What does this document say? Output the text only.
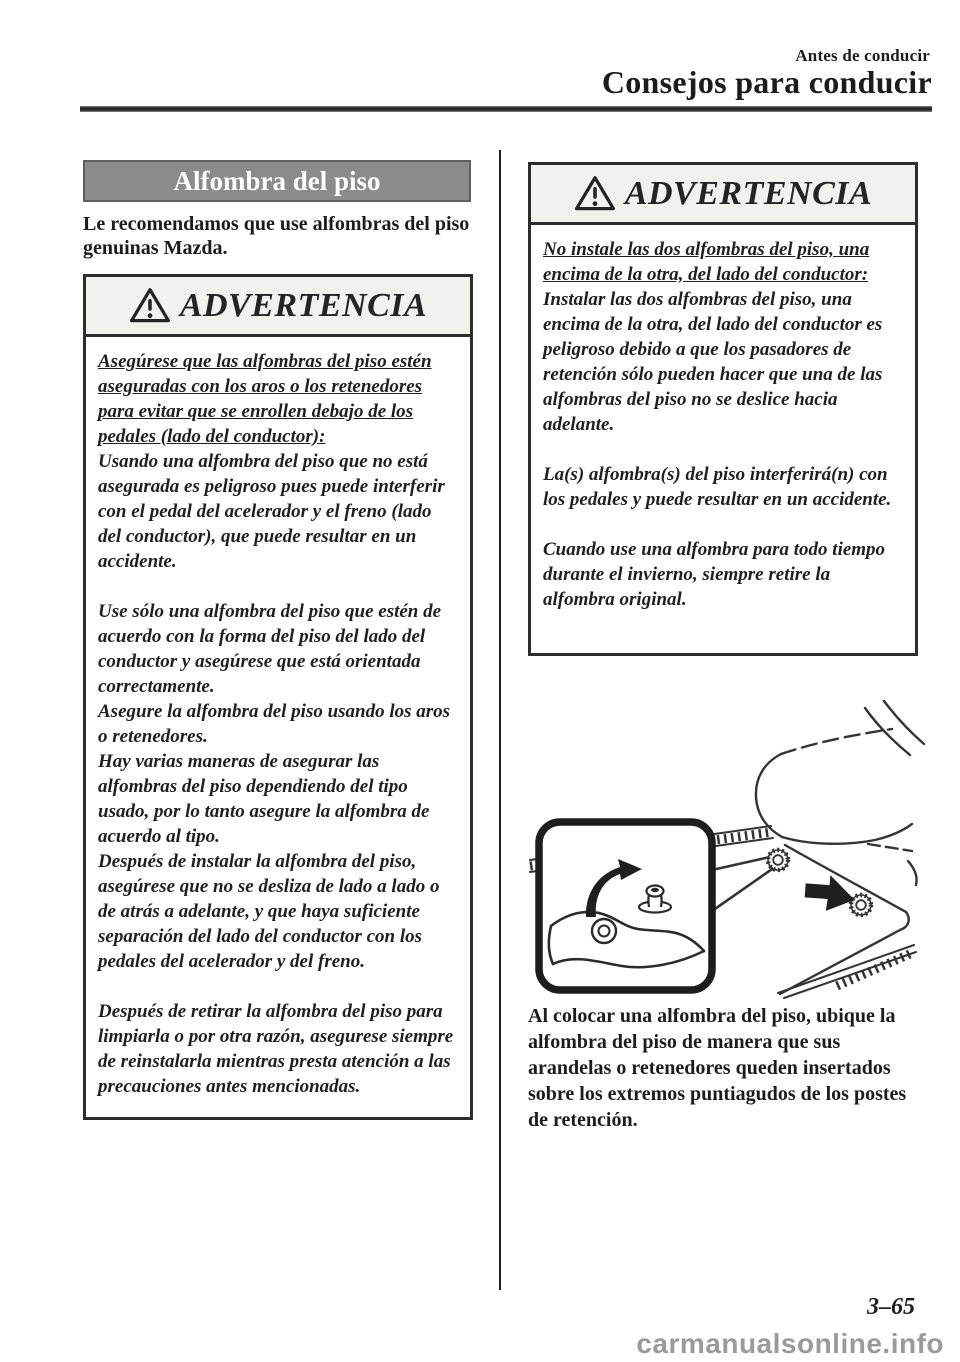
Antes de conducir
Consejos para conducir
Alfombra del piso

Le recomendamos que use alfombras del piso genuinas Mazda.

ADVERTENCIA

Asegúrese que las alfombras del piso estén aseguradas con los aros o los retenedores para evitar que se enrollen debajo de los pedales (lado del conductor):

Usando una alfombra del piso que no está asegurada es peligroso pues puede interferir con el pedal del acelerador y el freno (lado del conductor), que puede resultar en un accidente.

Use sólo una alfombra del piso que estén de acuerdo con la forma del piso del lado del conductor y asegúrese que está orientada correctamente.

Asegure la alfombra del piso usando los aros o retenedores.

Hay varias maneras de asegurar las alfombras del piso dependiendo del tipo usado, por lo tanto asegure la alfombra de acuerdo al tipo.

Después de instalar la alfombra del piso, asegúrese que no se desliza de lado a lado o de atrás a adelante, y que haya suficiente separación del lado del conductor con los pedales del acelerador y del freno.

Después de retirar la alfombra del piso para limpiarla o por otra razón, asegurese siempre de reinstalarla mientras presta atención a las precauciones antes mencionadas.

ADVERTENCIA

No instale las dos alfombras del piso, una encima de la otra, del lado del conductor:

Instalar las dos alfombras del piso, una encima de la otra, del lado del conductor es peligroso debido a que los pasadores de retención sólo pueden hacer que una de las alfombras del piso no se deslice hacia adelante.

La(s) alfombra(s) del piso interferirá(n) con los pedales y puede resultar en un accidente.

Cuando use una alfombra para todo tiempo durante el invierno, siempre retire la alfombra original.

Al colocar una alfombra del piso, ubique la alfombra del piso de manera que sus arandelas o retenedores queden insertados sobre los extremos puntiagudos de los postes de retención.

3–65
carmanualsonline.info
